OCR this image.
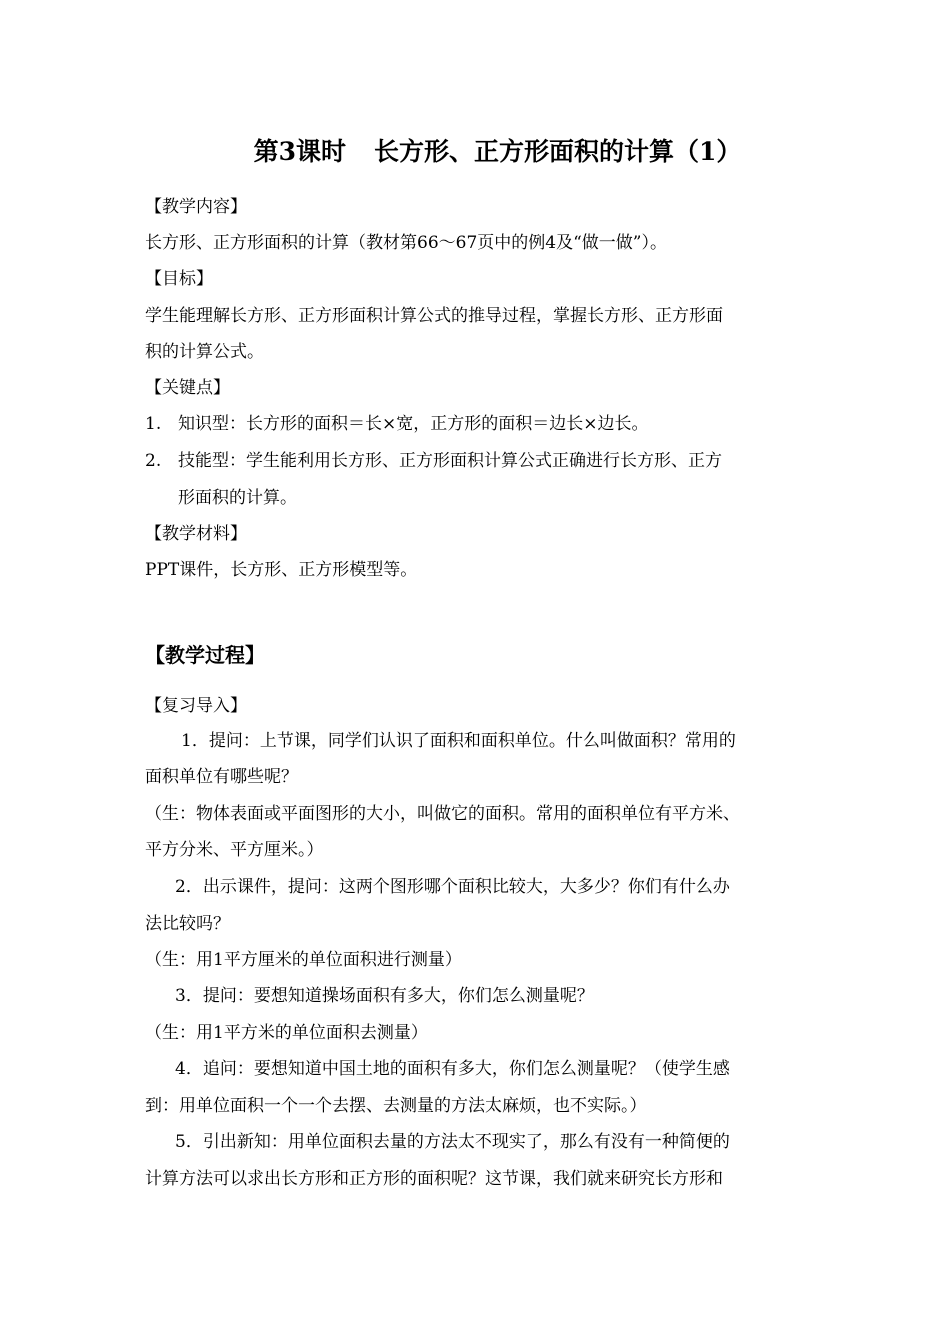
第3课时 长方形、正方形面积的计算（1）
【教学内容】
长方形、正方形面积的计算（教材第66～67页中的例4及“做一做”）。
【目标】
学生能理解长方形、正方形面积计算公式的推导过程，掌握长方形、正方形面
积的计算公式。
【关键点】
1. 知识型：长方形的面积＝长×宽，正方形的面积＝边长×边长。
2. 技能型：学生能利用长方形、正方形面积计算公式正确进行长方形、正方
形面积的计算。
【教学材料】
PPT课件，长方形、正方形模型等。
【教学过程】
【复习导入】
1．提问：上节课，同学们认识了面积和面积单位。什么叫做面积？常用的
面积单位有哪些呢？
（生：物体表面或平面图形的大小，叫做它的面积。常用的面积单位有平方米、
平方分米、平方厘米。）
2．出示课件，提问：这两个图形哪个面积比较大，大多少？你们有什么办
法比较吗？
（生：用1平方厘米的单位面积进行测量）
3．提问：要想知道操场面积有多大，你们怎么测量呢？
（生：用1平方米的单位面积去测量）
4．追问：要想知道中国土地的面积有多大，你们怎么测量呢？（使学生感
到：用单位面积一个一个去摆、去测量的方法太麻烦，也不实际。）
5．引出新知：用单位面积去量的方法太不现实了，那么有没有一种简便的
计算方法可以求出长方形和正方形的面积呢？这节课，我们就来研究长方形和
